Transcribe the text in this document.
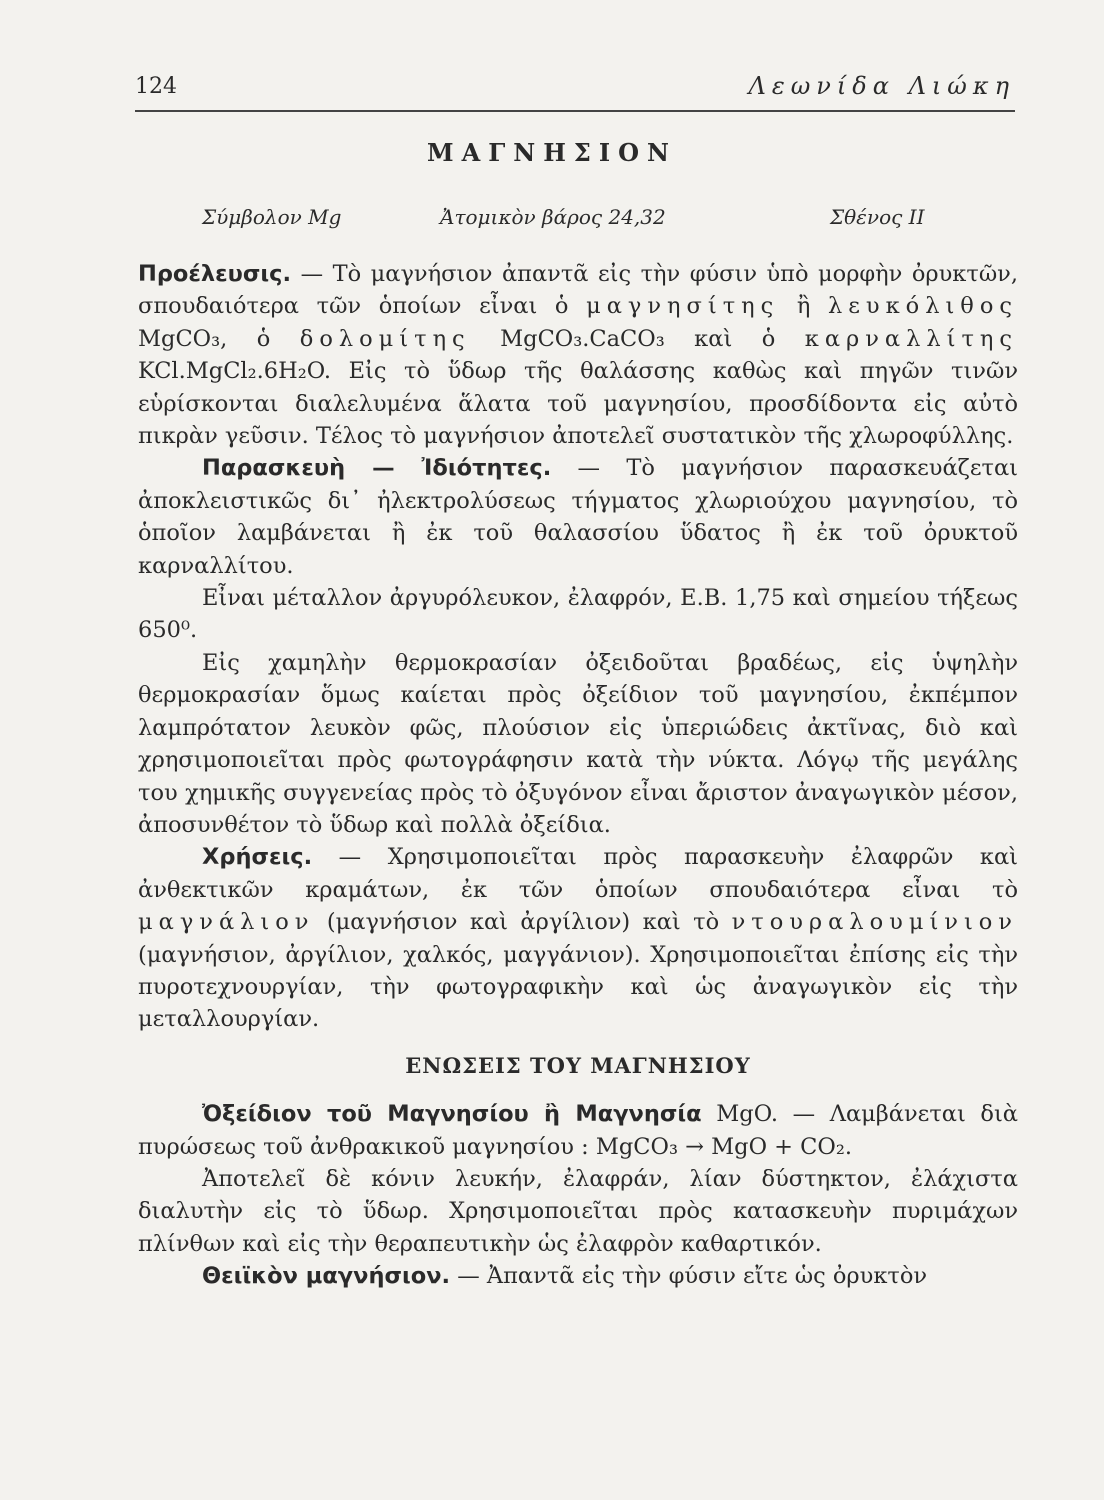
124	Λεωνίδα Λιώκη
ΜΑΓΝΗΣΙΟΝ
Σύμβολον Mg	Ἀτομικὸν βάρος 24,32	Σθένος II

Προέλευσις. — Τὸ μαγνήσιον ἀπαντᾶ εἰς τὴν φύσιν ὑπὸ μορφὴν ὀρυκτῶν, σπουδαιότερα τῶν ὁποίων εἶναι ὁ μαγνησίτης ἢ λευκόλιθος MgCO₃, ὁ δολομίτης MgCO₃.CaCO₃ καὶ ὁ καρναλλίτης KCl.MgCl₂.6H₂O. Εἰς τὸ ὕδωρ τῆς θαλάσσης καθὼς καὶ πηγῶν τινῶν εὑρίσκονται διαλελυμένα ἅλατα τοῦ μαγνησίου, προσδίδοντα εἰς αὐτὸ πικρὰν γεῦσιν. Τέλος τὸ μαγνήσιον ἀποτελεῖ συστατικὸν τῆς χλωροφύλλης.

Παρασκευὴ — Ἰδιότητες. — Τὸ μαγνήσιον παρασκευάζεται ἀποκλειστικῶς δι᾽ ἠλεκτρολύσεως τήγματος χλωριούχου μαγνησίου, τὸ ὁποῖον λαμβάνεται ἢ ἐκ τοῦ θαλασσίου ὕδατος ἢ ἐκ τοῦ ὀρυκτοῦ καρναλλίτου.

Εἶναι μέταλλον ἀργυρόλευκον, ἐλαφρόν, Ε.Β. 1,75 καὶ σημείου τήξεως 650⁰.

Εἰς χαμηλὴν θερμοκρασίαν ὀξειδοῦται βραδέως, εἰς ὑψηλὴν θερμοκρασίαν ὅμως καίεται πρὸς ὀξείδιον τοῦ μαγνησίου, ἐκπέμπον λαμπρότατον λευκὸν φῶς, πλούσιον εἰς ὑπεριώδεις ἀκτῖνας, διὸ καὶ χρησιμοποιεῖται πρὸς φωτογράφησιν κατὰ τὴν νύκτα. Λόγῳ τῆς μεγάλης του χημικῆς συγγενείας πρὸς τὸ ὀξυγόνον εἶναι ἄριστον ἀναγωγικὸν μέσον, ἀποσυνθέτον τὸ ὕδωρ καὶ πολλὰ ὀξείδια.

Χρήσεις. — Χρησιμοποιεῖται πρὸς παρασκευὴν ἐλαφρῶν καὶ ἀνθεκτικῶν κραμάτων, ἐκ τῶν ὁποίων σπουδαιότερα εἶναι τὸ μαγνάλιον (μαγνήσιον καὶ ἀργίλιον) καὶ τὸ ντουραλουμίνιον (μαγνήσιον, ἀργίλιον, χαλκός, μαγγάνιον). Χρησιμοποιεῖται ἐπίσης εἰς τὴν πυροτεχνουργίαν, τὴν φωτογραφικὴν καὶ ὡς ἀναγωγικὸν εἰς τὴν μεταλλουργίαν.

ΕΝΩΣΕΙΣ ΤΟΥ ΜΑΓΝΗΣΙΟΥ

Ὀξείδιον τοῦ Μαγνησίου ἢ Μαγνησία MgO. — Λαμβάνεται διὰ πυρώσεως τοῦ ἀνθρακικοῦ μαγνησίου : MgCO₃ → MgO + CO₂.

Ἀποτελεῖ δὲ κόνιν λευκήν, ἐλαφράν, λίαν δύστηκτον, ἐλάχιστα διαλυτὴν εἰς τὸ ὕδωρ. Χρησιμοποιεῖται πρὸς κατασκευὴν πυριμάχων πλίνθων καὶ εἰς τὴν θεραπευτικὴν ὡς ἐλαφρὸν καθαρτικόν.

Θειϊκὸν μαγνήσιον. — Ἀπαντᾶ εἰς τὴν φύσιν εἴτε ὡς ὀρυκτὸν
